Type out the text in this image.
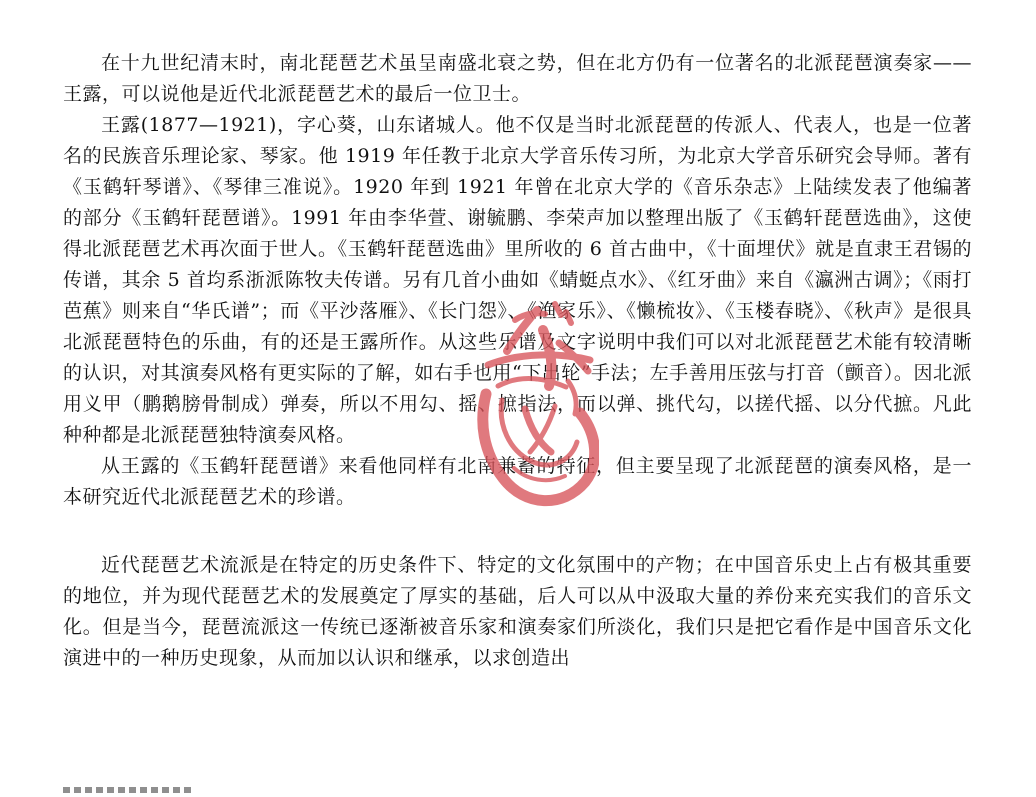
在十九世纪清末时，南北琵琶艺术虽呈南盛北衰之势，但在北方仍有一位著名的北派琵琶演奏家——王露，可以说他是近代北派琵琶艺术的最后一位卫士。

王露(1877—1921)，字心葵，山东诸城人。他不仅是当时北派琵琶的传派人、代表人，也是一位著名的民族音乐理论家、琴家。他 1919 年任教于北京大学音乐传习所，为北京大学音乐研究会导师。著有《玉鹤轩琴谱》、《琴律三准说》。1920 年到 1921 年曾在北京大学的《音乐杂志》上陆续发表了他编著的部分《玉鹤轩琵琶谱》。1991 年由李华萱、谢毓鹏、李荣声加以整理出版了《玉鹤轩琵琶选曲》，这使得北派琵琶艺术再次面于世人。《玉鹤轩琵琶选曲》里所收的 6 首古曲中，《十面埋伏》就是直隶王君锡的传谱，其余 5 首均系浙派陈牧夫传谱。另有几首小曲如《蜻蜓点水》、《红牙曲》来自《瀛洲古调》；《雨打芭蕉》则来自“华氏谱”；而《平沙落雁》、《长门怨》、《渔家乐》、《懒梳妆》、《玉楼春晓》、《秋声》是很具北派琵琶特色的乐曲，有的还是王露所作。从这些乐谱及文字说明中我们可以对北派琵琶艺术能有较清晰的认识，对其演奏风格有更实际的了解，如右手也用“下出轮”手法；左手善用压弦与打音（颤音）。因北派用义甲（鹏鹅膀骨制成）弹奏，所以不用勾、摇、摭指法，而以弹、挑代勾，以搓代摇、以分代摭。凡此种种都是北派琵琶独特演奏风格。

从王露的《玉鹤轩琵琶谱》来看他同样有北南兼蓄的特征，但主要呈现了北派琵琶的演奏风格，是一本研究近代北派琵琶艺术的珍谱。

近代琵琶艺术流派是在特定的历史条件下、特定的文化氛围中的产物；在中国音乐史上占有极其重要的地位，并为现代琵琶艺术的发展奠定了厚实的基础，后人可以从中汲取大量的养份来充实我们的音乐文化。但是当今，琵琶流派这一传统已逐渐被音乐家和演奏家们所淡化，我们只是把它看作是中国音乐文化演进中的一种历史现象，从而加以认识和继承，以求创造出
